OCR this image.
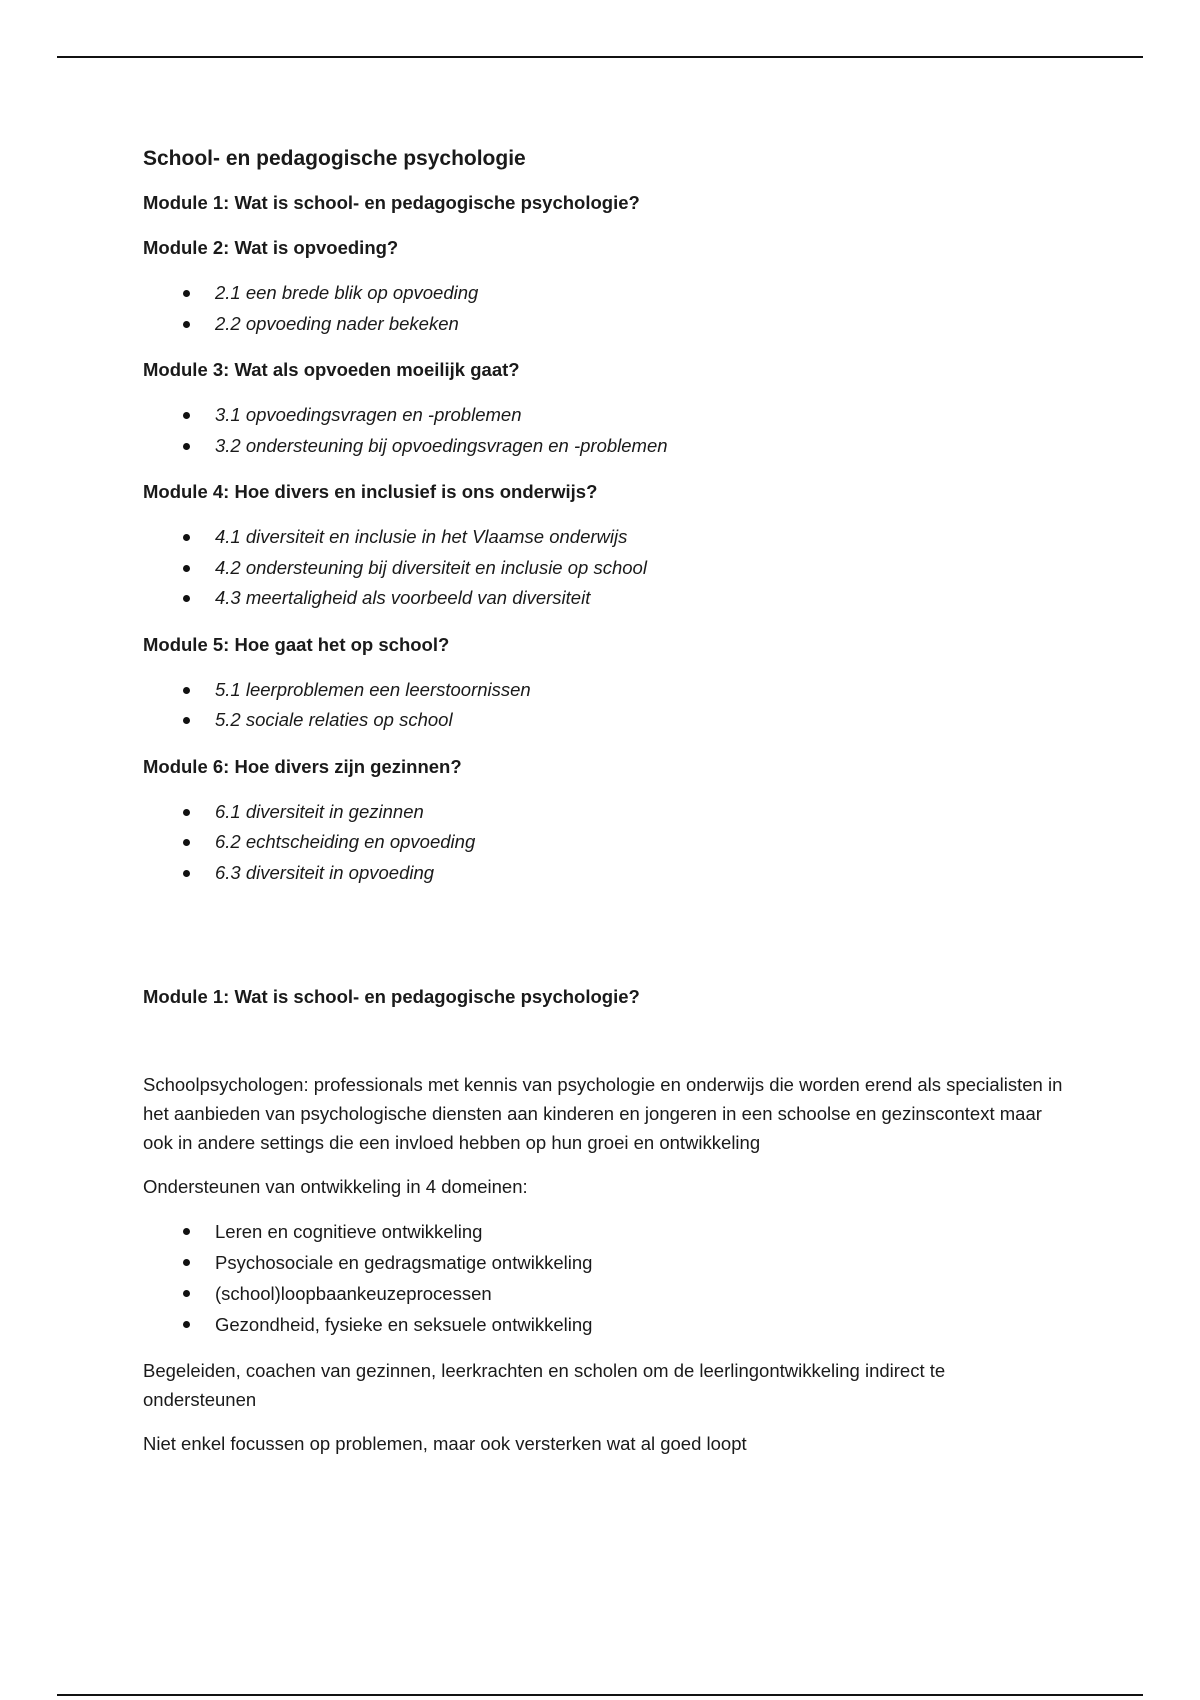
School- en pedagogische psychologie
Module 1: Wat is school- en pedagogische psychologie?
Module 2: Wat is opvoeding?
2.1 een brede blik op opvoeding
2.2 opvoeding nader bekeken
Module 3: Wat als opvoeden moeilijk gaat?
3.1 opvoedingsvragen en -problemen
3.2 ondersteuning bij opvoedingsvragen en -problemen
Module 4: Hoe divers en inclusief is ons onderwijs?
4.1 diversiteit en inclusie in het Vlaamse onderwijs
4.2 ondersteuning bij diversiteit en inclusie op school
4.3 meertaligheid als voorbeeld van diversiteit
Module 5: Hoe gaat het op school?
5.1 leerproblemen een leerstoornissen
5.2 sociale relaties op school
Module 6: Hoe divers zijn gezinnen?
6.1 diversiteit in gezinnen
6.2 echtscheiding en opvoeding
6.3 diversiteit in opvoeding
Module 1: Wat is school- en pedagogische psychologie?

Schoolpsychologen: professionals met kennis van psychologie en onderwijs die worden erend als specialisten in het aanbieden van psychologische diensten aan kinderen en jongeren in een schoolse en gezinscontext maar ook in andere settings die een invloed hebben op hun groei en ontwikkeling

Ondersteunen van ontwikkeling in 4 domeinen:

Leren en cognitieve ontwikkeling
Psychosociale en gedragsmatige ontwikkeling
(school)loopbaankeuzeprocessen
Gezondheid, fysieke en seksuele ontwikkeling

Begeleiden, coachen van gezinnen, leerkrachten en scholen om de leerlingontwikkeling indirect te ondersteunen

Niet enkel focussen op problemen, maar ook versterken wat al goed loopt
